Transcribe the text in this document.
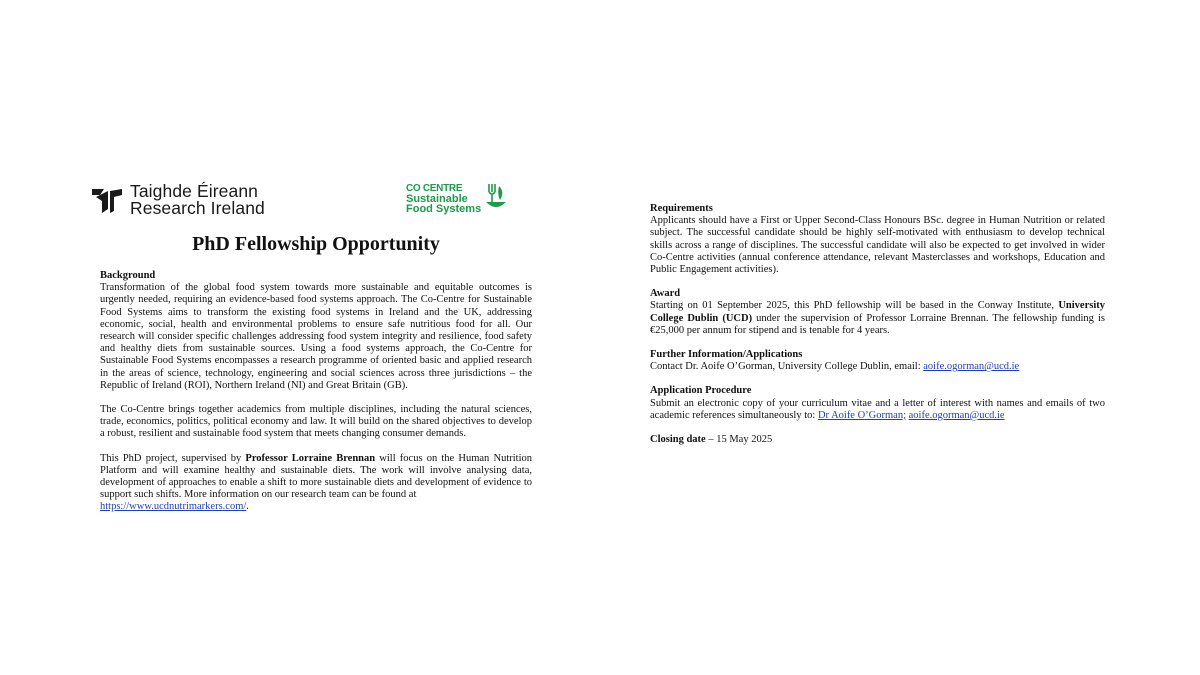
Taighde Éireann
Research Ireland
CO CENTRE
Sustainable
Food Systems
PhD Fellowship Opportunity
Background

Transformation of the global food system towards more sustainable and equitable outcomes is urgently needed, requiring an evidence-based food systems approach. The Co-Centre for Sustainable Food Systems aims to transform the existing food systems in Ireland and the UK, addressing economic, social, health and environmental problems to ensure safe nutritious food for all. Our research will consider specific challenges addressing food system integrity and resilience, food safety and healthy diets from sustainable sources. Using a food systems approach, the Co-Centre for Sustainable Food Systems encompasses a research programme of oriented basic and applied research in the areas of science, technology, engineering and social sciences across three jurisdictions – the Republic of Ireland (ROI), Northern Ireland (NI) and Great Britain (GB).

The Co-Centre brings together academics from multiple disciplines, including the natural sciences, trade, economics, politics, political economy and law. It will build on the shared objectives to develop a robust, resilient and sustainable food system that meets changing consumer demands.

This PhD project, supervised by Professor Lorraine Brennan will focus on the Human Nutrition Platform and will examine healthy and sustainable diets. The work will involve analysing data, development of approaches to enable a shift to more sustainable diets and development of evidence to support such shifts. More information on our research team can be found at
https://www.ucdnutrimarkers.com/.

Requirements

Applicants should have a First or Upper Second-Class Honours BSc. degree in Human Nutrition or related subject. The successful candidate should be highly self-motivated with enthusiasm to develop technical skills across a range of disciplines. The successful candidate will also be expected to get involved in wider Co-Centre activities (annual conference attendance, relevant Masterclasses and workshops, Education and Public Engagement activities).

Award

Starting on 01 September 2025, this PhD fellowship will be based in the Conway Institute, University College Dublin (UCD) under the supervision of Professor Lorraine Brennan. The fellowship funding is €25,000 per annum for stipend and is tenable for 4 years.

Further Information/Applications

Contact Dr. Aoife O’Gorman, University College Dublin, email: aoife.ogorman@ucd.ie

Application Procedure

Submit an electronic copy of your curriculum vitae and a letter of interest with names and emails of two academic references simultaneously to: Dr Aoife O’Gorman; aoife.ogorman@ucd.ie

Closing date – 15 May 2025
